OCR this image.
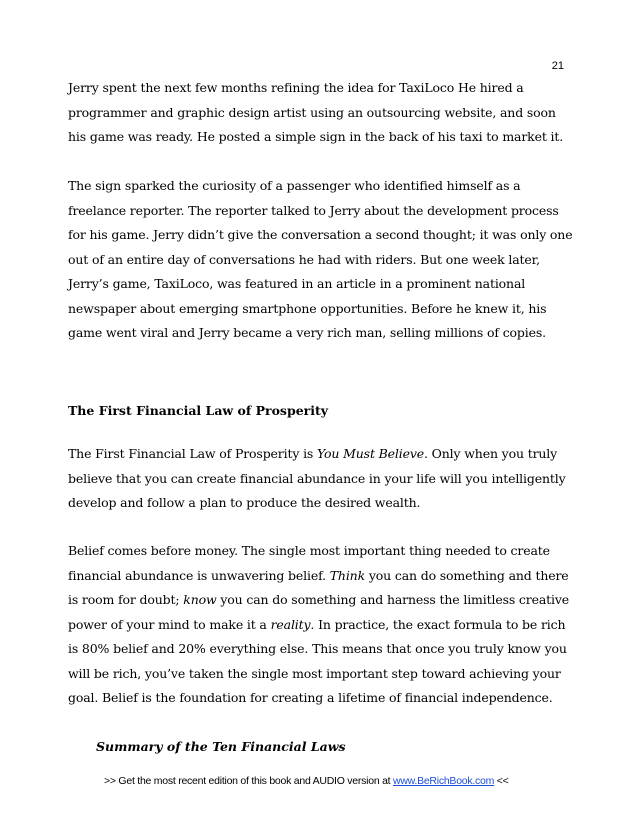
21

Jerry spent the next few months refining the idea for TaxiLoco He hired a programmer and graphic design artist using an outsourcing website, and soon his game was ready. He posted a simple sign in the back of his taxi to market it.

The sign sparked the curiosity of a passenger who identified himself as a freelance reporter. The reporter talked to Jerry about the development process for his game. Jerry didn’t give the conversation a second thought; it was only one out of an entire day of conversations he had with riders. But one week later, Jerry’s game, TaxiLoco, was featured in an article in a prominent national newspaper about emerging smartphone opportunities. Before he knew it, his game went viral and Jerry became a very rich man, selling millions of copies.

The First Financial Law of Prosperity

The First Financial Law of Prosperity is You Must Believe. Only when you truly believe that you can create financial abundance in your life will you intelligently develop and follow a plan to produce the desired wealth.

Belief comes before money. The single most important thing needed to create financial abundance is unwavering belief. Think you can do something and there is room for doubt; know you can do something and harness the limitless creative power of your mind to make it a reality. In practice, the exact formula to be rich is 80% belief and 20% everything else. This means that once you truly know you will be rich, you’ve taken the single most important step toward achieving your goal. Belief is the foundation for creating a lifetime of financial independence.

Summary of the Ten Financial Laws
>> Get the most recent edition of this book and AUDIO version at www.BeRichBook.com <<
